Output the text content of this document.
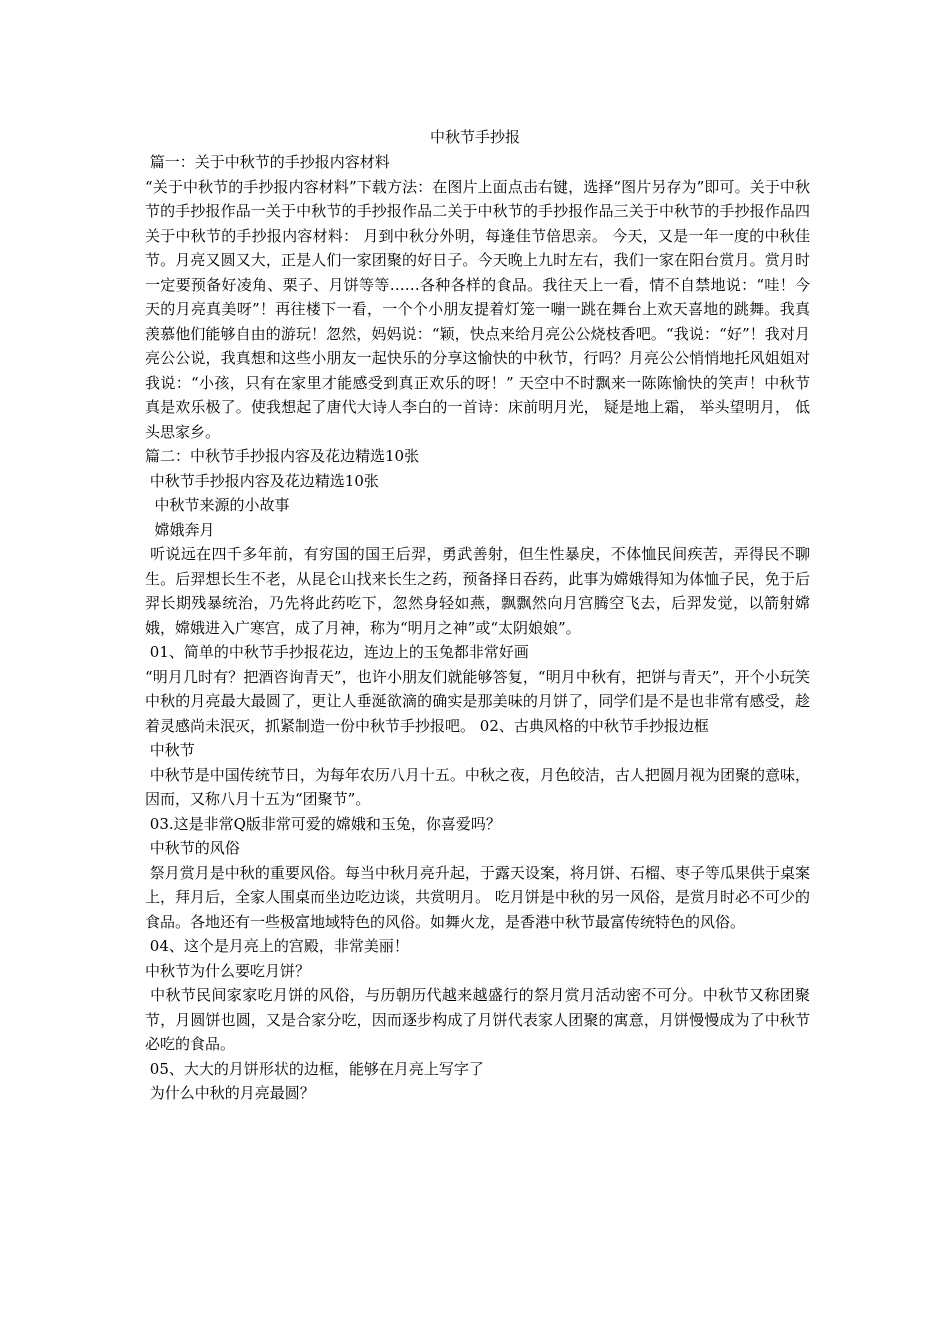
中秋节手抄报

篇一：关于中秋节的手抄报内容材料

“关于中秋节的手抄报内容材料”下载方法：在图片上面点击右键，选择“图片另存为”即可。关于中秋节的手抄报作品一关于中秋节的手抄报作品二关于中秋节的手抄报作品三关于中秋节的手抄报作品四关于中秋节的手抄报内容材料： 月到中秋分外明，每逢佳节倍思亲。 今天，又是一年一度的中秋佳节。月亮又圆又大，正是人们一家团聚的好日子。今天晚上九时左右，我们一家在阳台赏月。赏月时一定要预备好凌角、栗子、月饼等等……各种各样的食品。我往天上一看，情不自禁地说：“哇！今天的月亮真美呀”！再往楼下一看，一个个小朋友提着灯笼一嘣一跳在舞台上欢天喜地的跳舞。我真羡慕他们能够自由的游玩！忽然，妈妈说：“颖，快点来给月亮公公烧枝香吧。“我说：“好”！我对月亮公公说，我真想和这些小朋友一起快乐的分享这愉快的中秋节，行吗？月亮公公悄悄地托风姐姐对我说：“小孩，只有在家里才能感受到真正欢乐的呀！” 天空中不时飘来一陈陈愉快的笑声！中秋节真是欢乐极了。使我想起了唐代大诗人李白的一首诗：床前明月光， 疑是地上霜， 举头望明月， 低头思家乡。

篇二：中秋节手抄报内容及花边精选10张

中秋节手抄报内容及花边精选10张

中秋节来源的小故事

嫦娥奔月

听说远在四千多年前，有穷国的国王后羿，勇武善射，但生性暴戾，不体恤民间疾苦，弄得民不聊生。后羿想长生不老，从昆仑山找来长生之药，预备择日吞药，此事为嫦娥得知为体恤子民，免于后羿长期残暴统治，乃先将此药吃下，忽然身轻如燕，飘飘然向月宫腾空飞去，后羿发觉，以箭射嫦娥，嫦娥进入广寒宫，成了月神，称为“明月之神”或“太阴娘娘”。

01、简单的中秋节手抄报花边，连边上的玉兔都非常好画

“明月几时有？把酒咨询青天”，也许小朋友们就能够答复，“明月中秋有，把饼与青天”，开个小玩笑中秋的月亮最大最圆了，更让人垂涎欲滴的确实是那美味的月饼了，同学们是不是也非常有感受，趁着灵感尚未泯灭，抓紧制造一份中秋节手抄报吧。 02、古典风格的中秋节手抄报边框

中秋节

中秋节是中国传统节日，为每年农历八月十五。中秋之夜，月色皎洁，古人把圆月视为团聚的意味，因而，又称八月十五为“团聚节”。

03.这是非常Q版非常可爱的嫦娥和玉兔，你喜爱吗？

中秋节的风俗

祭月赏月是中秋的重要风俗。每当中秋月亮升起，于露天设案，将月饼、石榴、枣子等瓜果供于桌案上，拜月后，全家人围桌而坐边吃边谈，共赏明月。 吃月饼是中秋的另一风俗，是赏月时必不可少的食品。各地还有一些极富地域特色的风俗。如舞火龙，是香港中秋节最富传统特色的风俗。

04、这个是月亮上的宫殿，非常美丽！

中秋节为什么要吃月饼？

中秋节民间家家吃月饼的风俗，与历朝历代越来越盛行的祭月赏月活动密不可分。中秋节又称团聚节，月圆饼也圆，又是合家分吃，因而逐步构成了月饼代表家人团聚的寓意，月饼慢慢成为了中秋节必吃的食品。

05、大大的月饼形状的边框，能够在月亮上写字了

为什么中秋的月亮最圆？
